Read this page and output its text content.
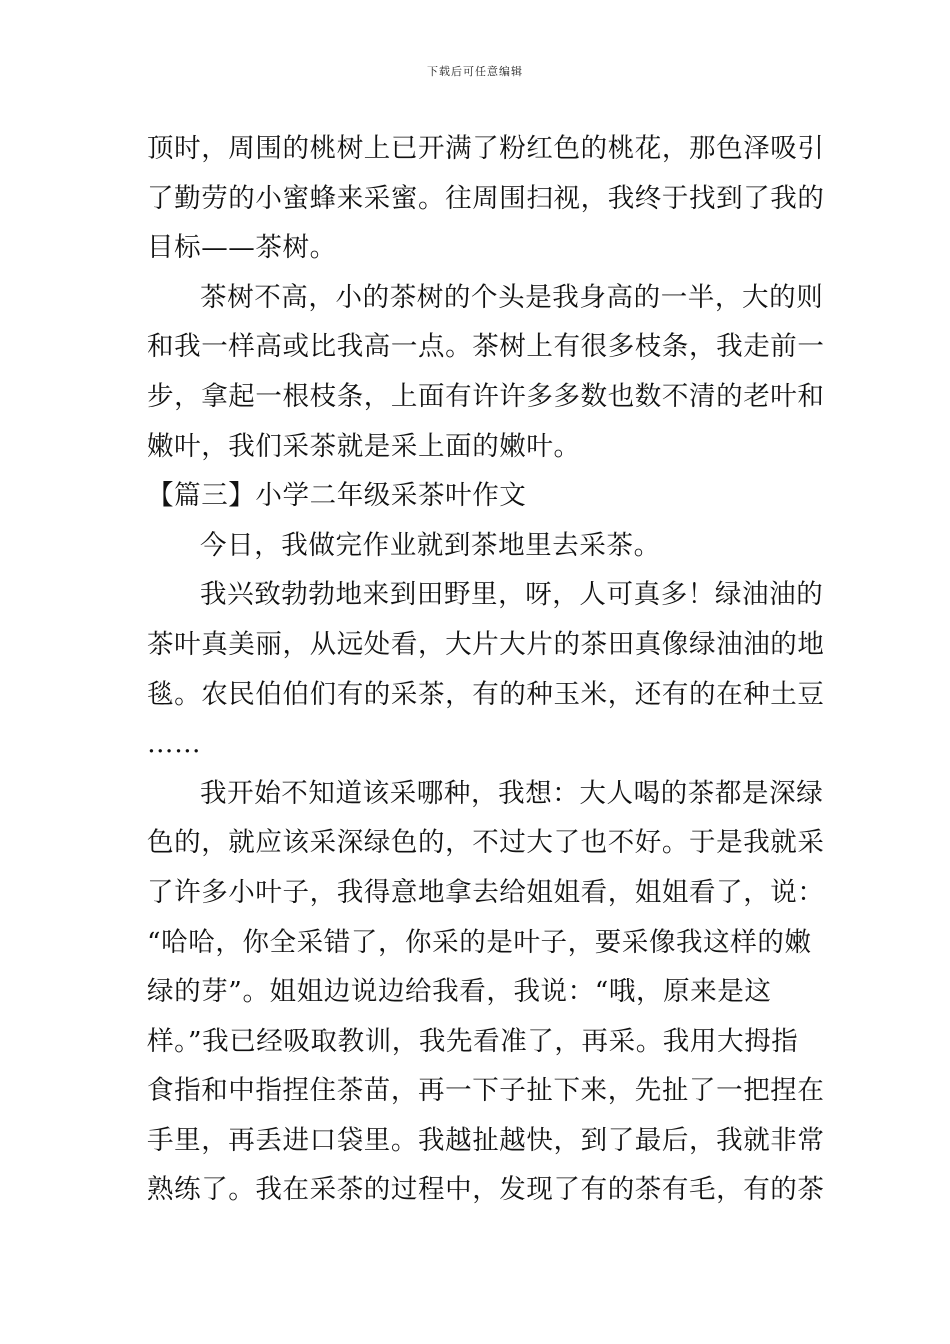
下载后可任意编辑
顶时，周围的桃树上已开满了粉红色的桃花，那色泽吸引
了勤劳的小蜜蜂来采蜜。往周围扫视，我终于找到了我的
目标——茶树。
茶树不高，小的茶树的个头是我身高的一半，大的则
和我一样高或比我高一点。茶树上有很多枝条，我走前一
步，拿起一根枝条，上面有许许多多数也数不清的老叶和
嫩叶，我们采茶就是采上面的嫩叶。
【篇三】小学二年级采茶叶作文
今日，我做完作业就到茶地里去采茶。
我兴致勃勃地来到田野里，呀，人可真多！绿油油的
茶叶真美丽，从远处看，大片大片的茶田真像绿油油的地
毯。农民伯伯们有的采茶，有的种玉米，还有的在种土豆
……
我开始不知道该采哪种，我想：大人喝的茶都是深绿
色的，就应该采深绿色的，不过大了也不好。于是我就采
了许多小叶子，我得意地拿去给姐姐看，姐姐看了，说：
“哈哈，你全采错了，你采的是叶子，要采像我这样的嫩
绿的芽”。姐姐边说边给我看，我说：“哦，原来是这
样。”我已经吸取教训，我先看准了，再采。我用大拇指
食指和中指捏住茶苗，再一下子扯下来，先扯了一把捏在
手里，再丢进口袋里。我越扯越快，到了最后，我就非常
熟练了。我在采茶的过程中，发现了有的茶有毛，有的茶
